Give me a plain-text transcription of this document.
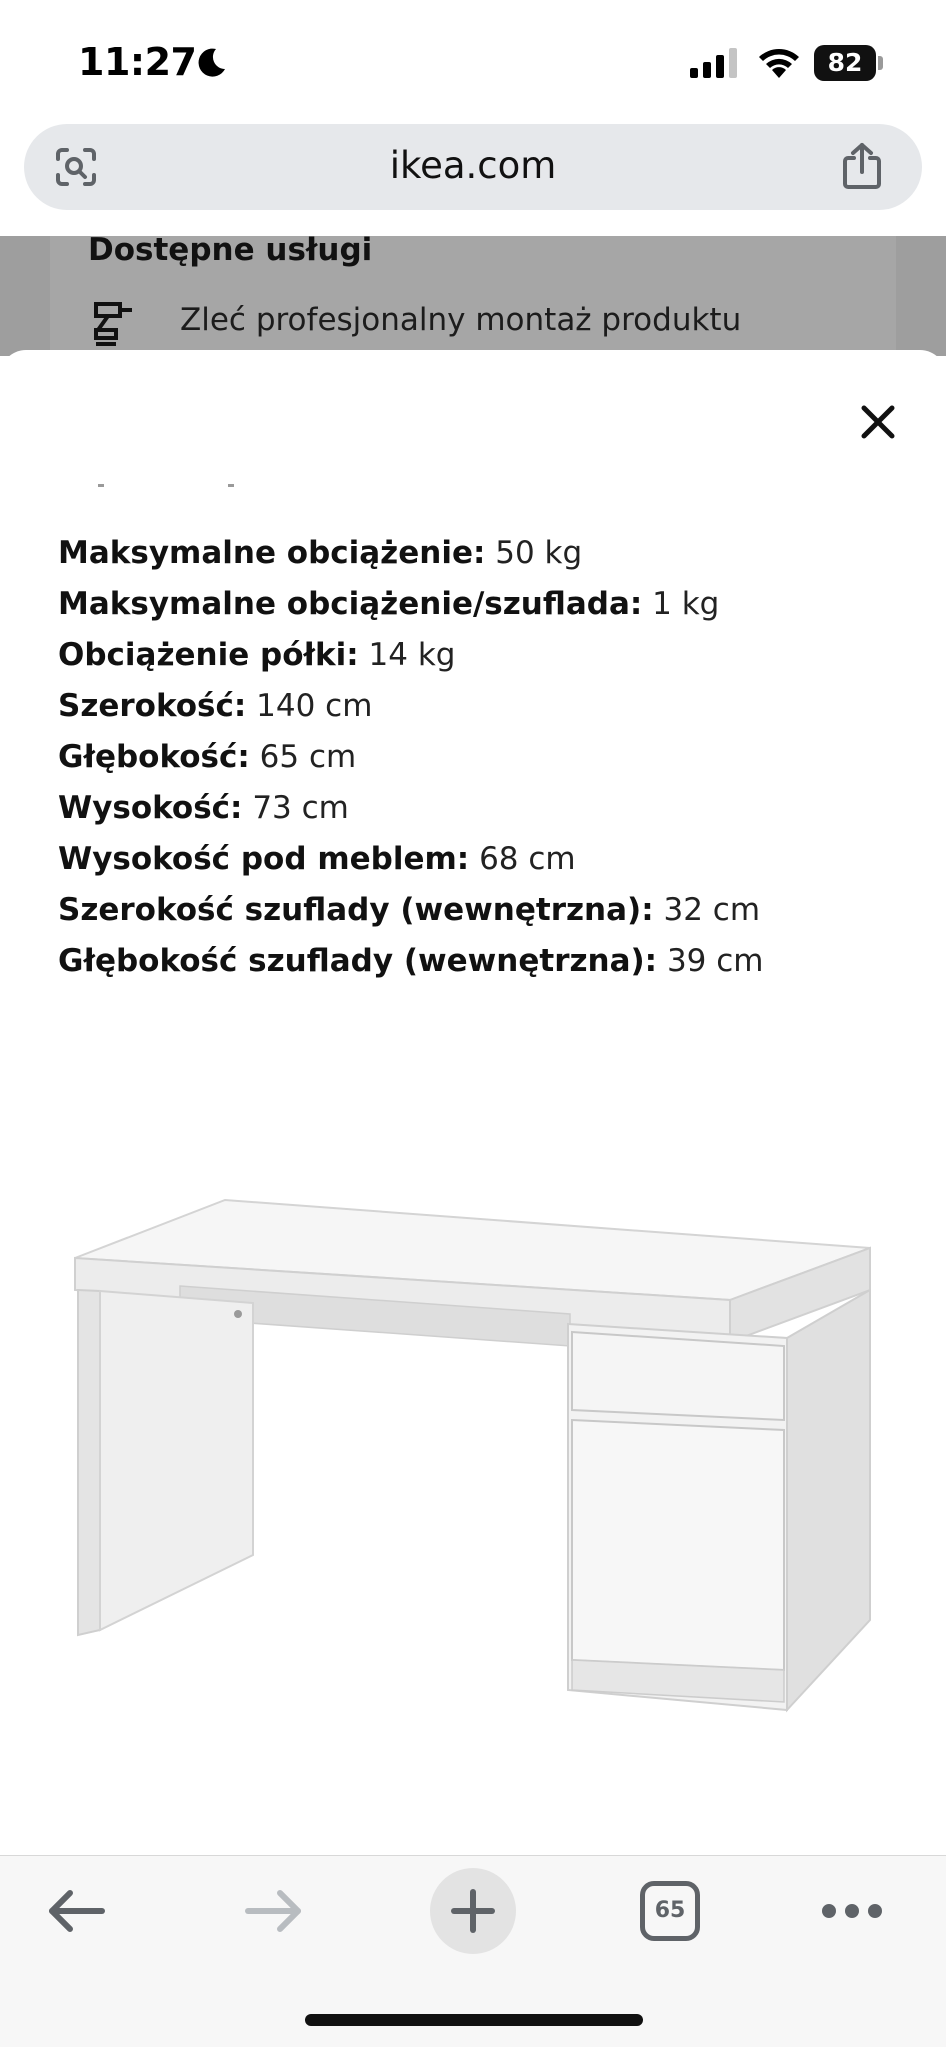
11:27	82
ikea.com
Dostępne usługi
Zleć profesjonalny montaż produktu
Maksymalne obciążenie: 50 kg
Maksymalne obciążenie/szuflada: 1 kg
Obciążenie półki: 14 kg
Szerokość: 140 cm
Głębokość: 65 cm
Wysokość: 73 cm
Wysokość pod meblem: 68 cm
Szerokość szuflady (wewnętrzna): 32 cm
Głębokość szuflady (wewnętrzna): 39 cm
65
